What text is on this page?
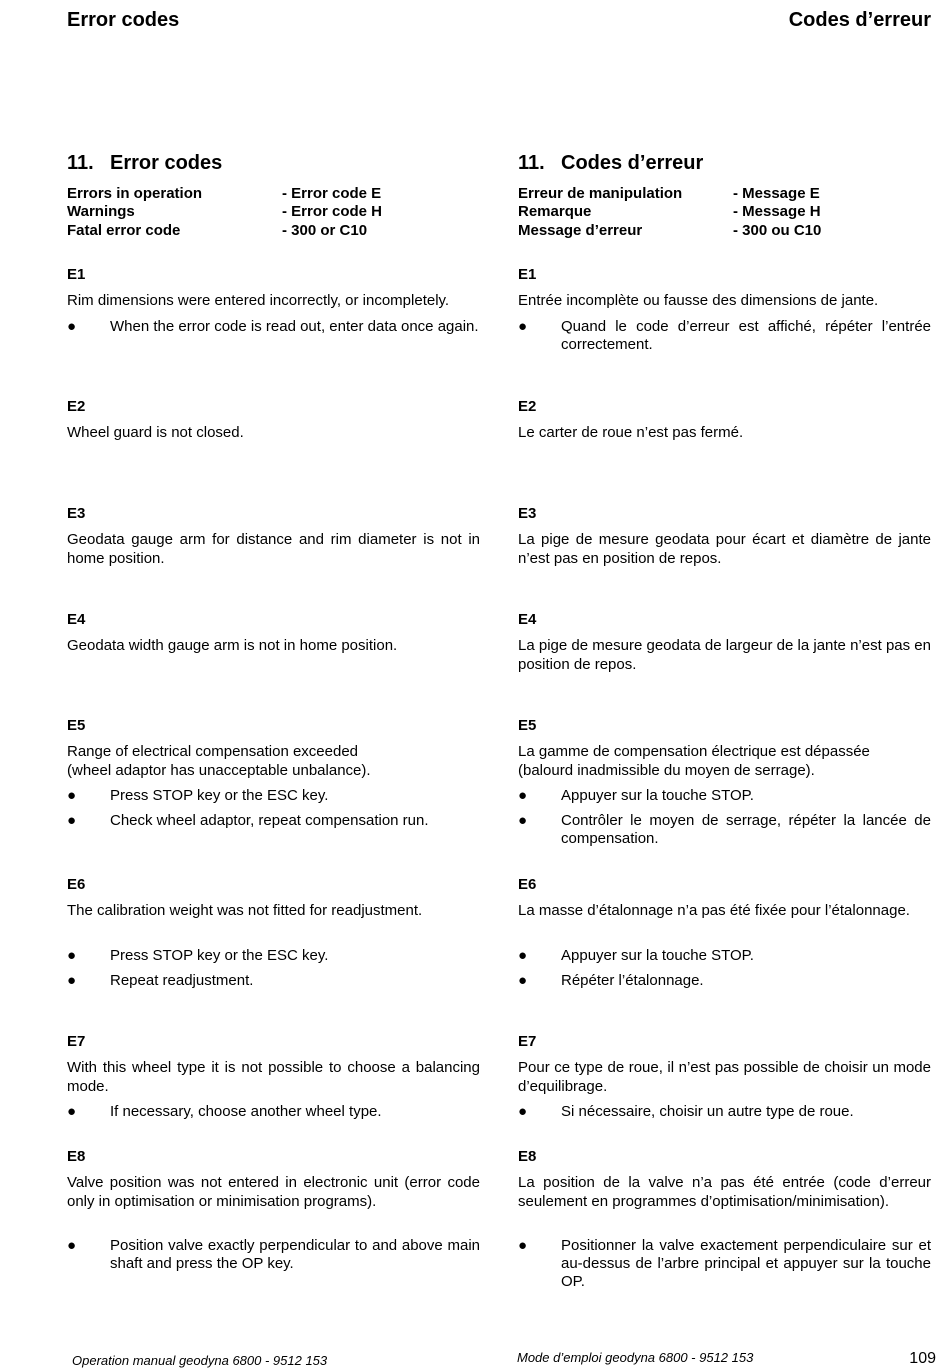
Error codes	Codes d’erreur
11. Error codes
Errors in operation	- Error code E
Warnings	- Error code H
Fatal error code	- 300 or C10
E1

Rim dimensions were entered incorrectly, or incompletely.

●	When the error code is read out, enter data once again.
E2

Wheel guard is not closed.

E3

Geodata gauge arm for distance and rim diameter is not in home position.

E4

Geodata width gauge arm is not in home position.

E5

Range of electrical compensation exceeded

(wheel adaptor has unacceptable unbalance).

●	Press STOP key or the ESC key.
●	Check wheel adaptor, repeat compensation run.
E6

The calibration weight was not fitted for readjustment.

●	Press STOP key or the ESC key.
●	Repeat readjustment.
E7

With this wheel type it is not possible to choose a balancing mode.

●	If necessary, choose another wheel type.
E8

Valve position was not entered in electronic unit (error code only in optimisation or minimisation programs).

●	Position valve exactly perpendicular to and above main shaft and press the OP key.
11. Codes d’erreur
Erreur de manipulation	- Message E
Remarque	- Message H
Message d’erreur	- 300 ou C10
E1

Entrée incomplète ou fausse des dimensions de jante.

●	Quand le code d’erreur est affiché, répéter l’entrée correctement.
E2

Le carter de roue n’est pas fermé.

E3

La pige de mesure geodata pour écart et diamètre de jante n’est pas en position de repos.

E4

La pige de mesure geodata de largeur de la jante n’est pas en position de repos.

E5

La gamme de compensation électrique est dépassée

(balourd inadmissible du moyen de serrage).

●	Appuyer sur la touche STOP.
●	Contrôler le moyen de serrage, répéter la lancée de compensation.
E6

La masse d’étalonnage n’a pas été fixée pour l’étalonnage.

●	Appuyer sur la touche STOP.
●	Répéter l’étalonnage.
E7

Pour ce type de roue, il n’est pas possible de choisir un mode d’equilibrage.

●	Si nécessaire, choisir un autre type de roue.
E8

La position de la valve n’a pas été entrée (code d’erreur seulement en programmes d’optimisation/minimisation).

●	Positionner la valve exactement perpendiculaire sur et au-dessus de l’arbre principal et appuyer sur la touche OP.
Operation manual geodyna 6800 - 9512 153	Mode d’emploi geodyna 6800 - 9512 153	109
